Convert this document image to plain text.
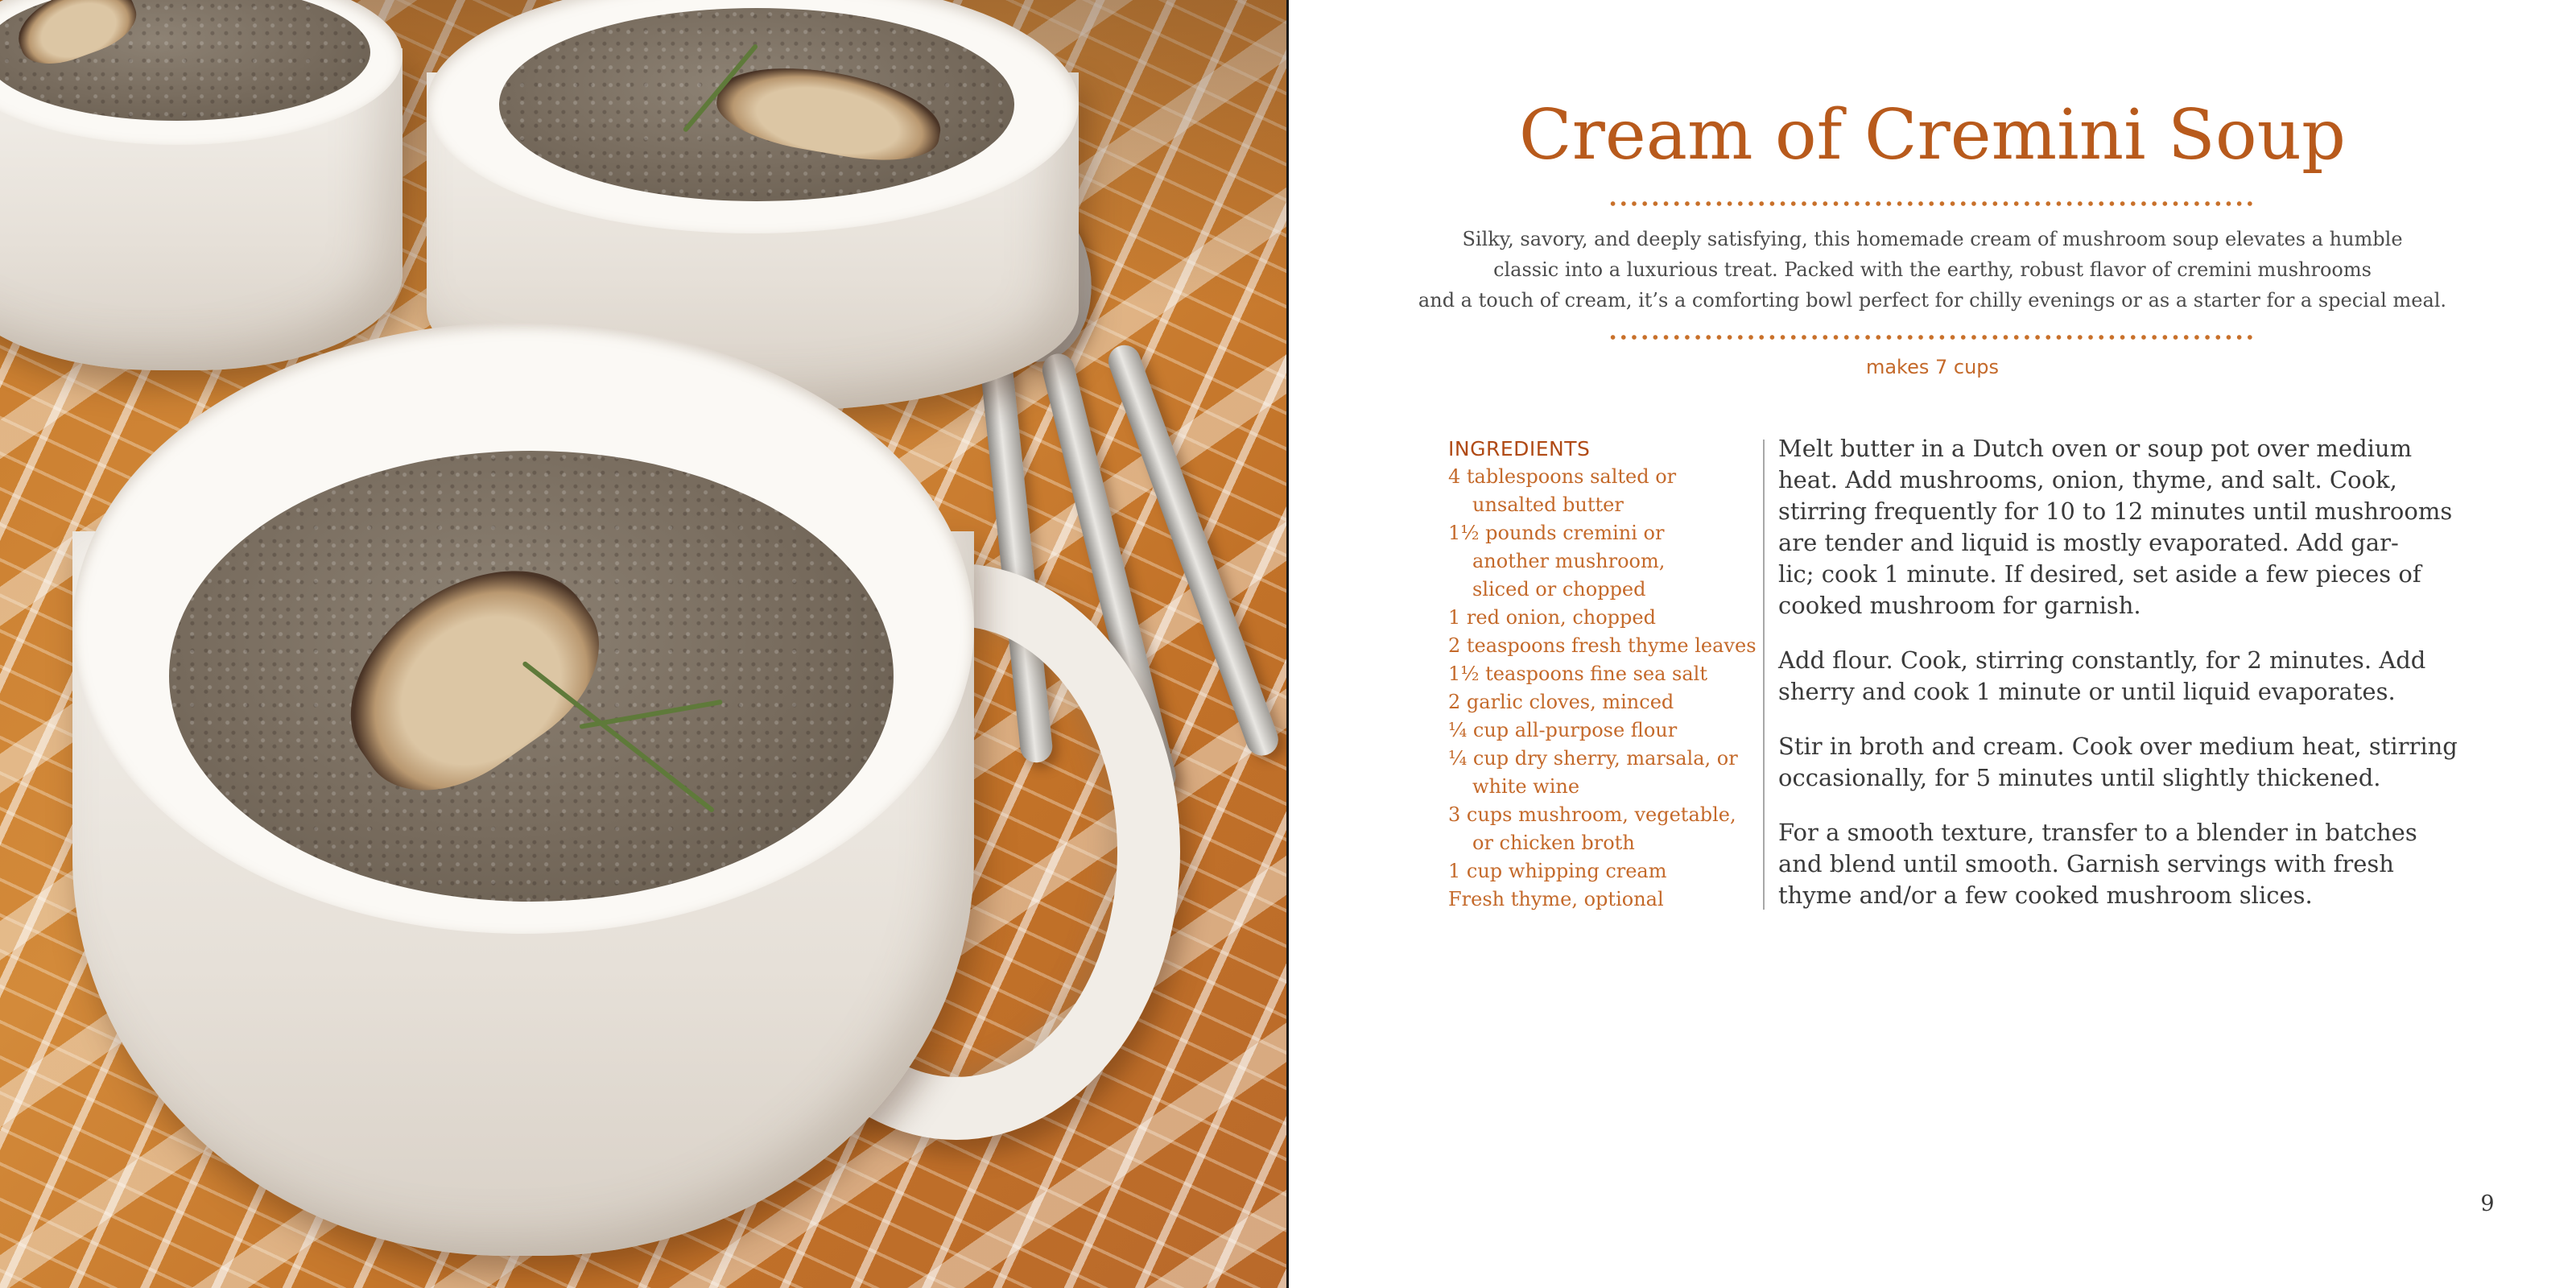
Cream of Cremini Soup
Silky, savory, and deeply satisfying, this homemade cream of mushroom soup elevates a humble
classic into a luxurious treat. Packed with the earthy, robust flavor of cremini mushrooms
and a touch of cream, it’s a comforting bowl perfect for chilly evenings or as a starter for a special meal.
makes 7 cups
INGREDIENTS
4 tablespoons salted or
unsalted butter
1½ pounds cremini or
another mushroom,
sliced or chopped
1 red onion, chopped
2 teaspoons fresh thyme leaves
1½ teaspoons fine sea salt
2 garlic cloves, minced
¼ cup all-purpose flour
¼ cup dry sherry, marsala, or
white wine
3 cups mushroom, vegetable,
or chicken broth
1 cup whipping cream
Fresh thyme, optional

Melt butter in a Dutch oven or soup pot over medium
heat. Add mushrooms, onion, thyme, and salt. Cook,
stirring frequently for 10 to 12 minutes until mushrooms
are tender and liquid is mostly evaporated. Add gar-
lic; cook 1 minute. If desired, set aside a few pieces of
cooked mushroom for garnish.

Add flour. Cook, stirring constantly, for 2 minutes. Add
sherry and cook 1 minute or until liquid evaporates.

Stir in broth and cream. Cook over medium heat, stirring
occasionally, for 5 minutes until slightly thickened.

For a smooth texture, transfer to a blender in batches
and blend until smooth. Garnish servings with fresh
thyme and/or a few cooked mushroom slices.

9
